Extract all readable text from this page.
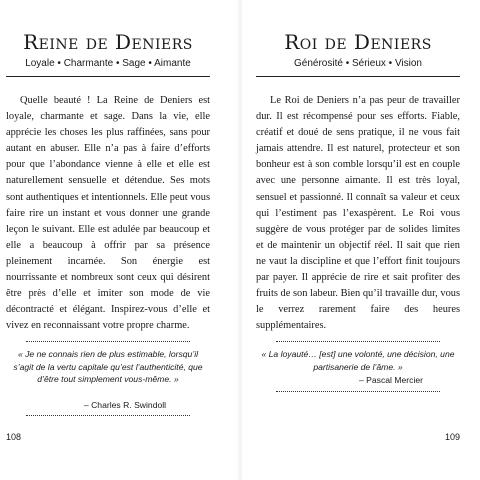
Reine de Deniers
Loyale • Charmante • Sage • Aimante

Quelle beauté ! La Reine de Deniers est loyale, charmante et sage. Dans la vie, elle apprécie les choses les plus raffinées, sans pour autant en abuser. Elle n’a pas à faire d’efforts pour que l’abondance vienne à elle et elle est naturellement sensuelle et détendue. Ses mots sont authentiques et intentionnels. Elle peut vous faire rire un instant et vous donner une grande leçon le suivant. Elle est adulée par beaucoup et elle a beaucoup à offrir par sa présence pleinement incarnée. Son énergie est nourrissante et nombreux sont ceux qui désirent être près d’elle et imiter son mode de vie décontracté et élégant. Inspirez-vous d’elle et vivez en reconnaissant votre propre charme.

« Je ne connais rien de plus estimable, lorsqu’il s’agit de la vertu capitale qu’est l’authenticité, que d’être tout simplement vous-même. »

– Charles R. Swindoll
108
Roi de Deniers
Générosité • Sérieux • Vision

Le Roi de Deniers n’a pas peur de travailler dur. Il est récompensé pour ses efforts. Fiable, créatif et doué de sens pratique, il ne vous fait jamais attendre. Il est naturel, protecteur et son bonheur est à son comble lorsqu’il est en couple avec une personne aimante. Il est très loyal, sensuel et passionné. Il connaît sa valeur et ceux qui l’estiment pas l’exaspèrent. Le Roi vous suggère de vous protéger par de solides limites et de maintenir un objectif réel. Il sait que rien ne vaut la discipline et que l’effort finit toujours par payer. Il apprécie de rire et sait profiter des fruits de son labeur. Bien qu’il travaille dur, vous le verrez rarement faire des heures supplémentaires.

« La loyauté… [est] une volonté, une décision, une partisanerie de l’âme. »

– Pascal Mercier
109
